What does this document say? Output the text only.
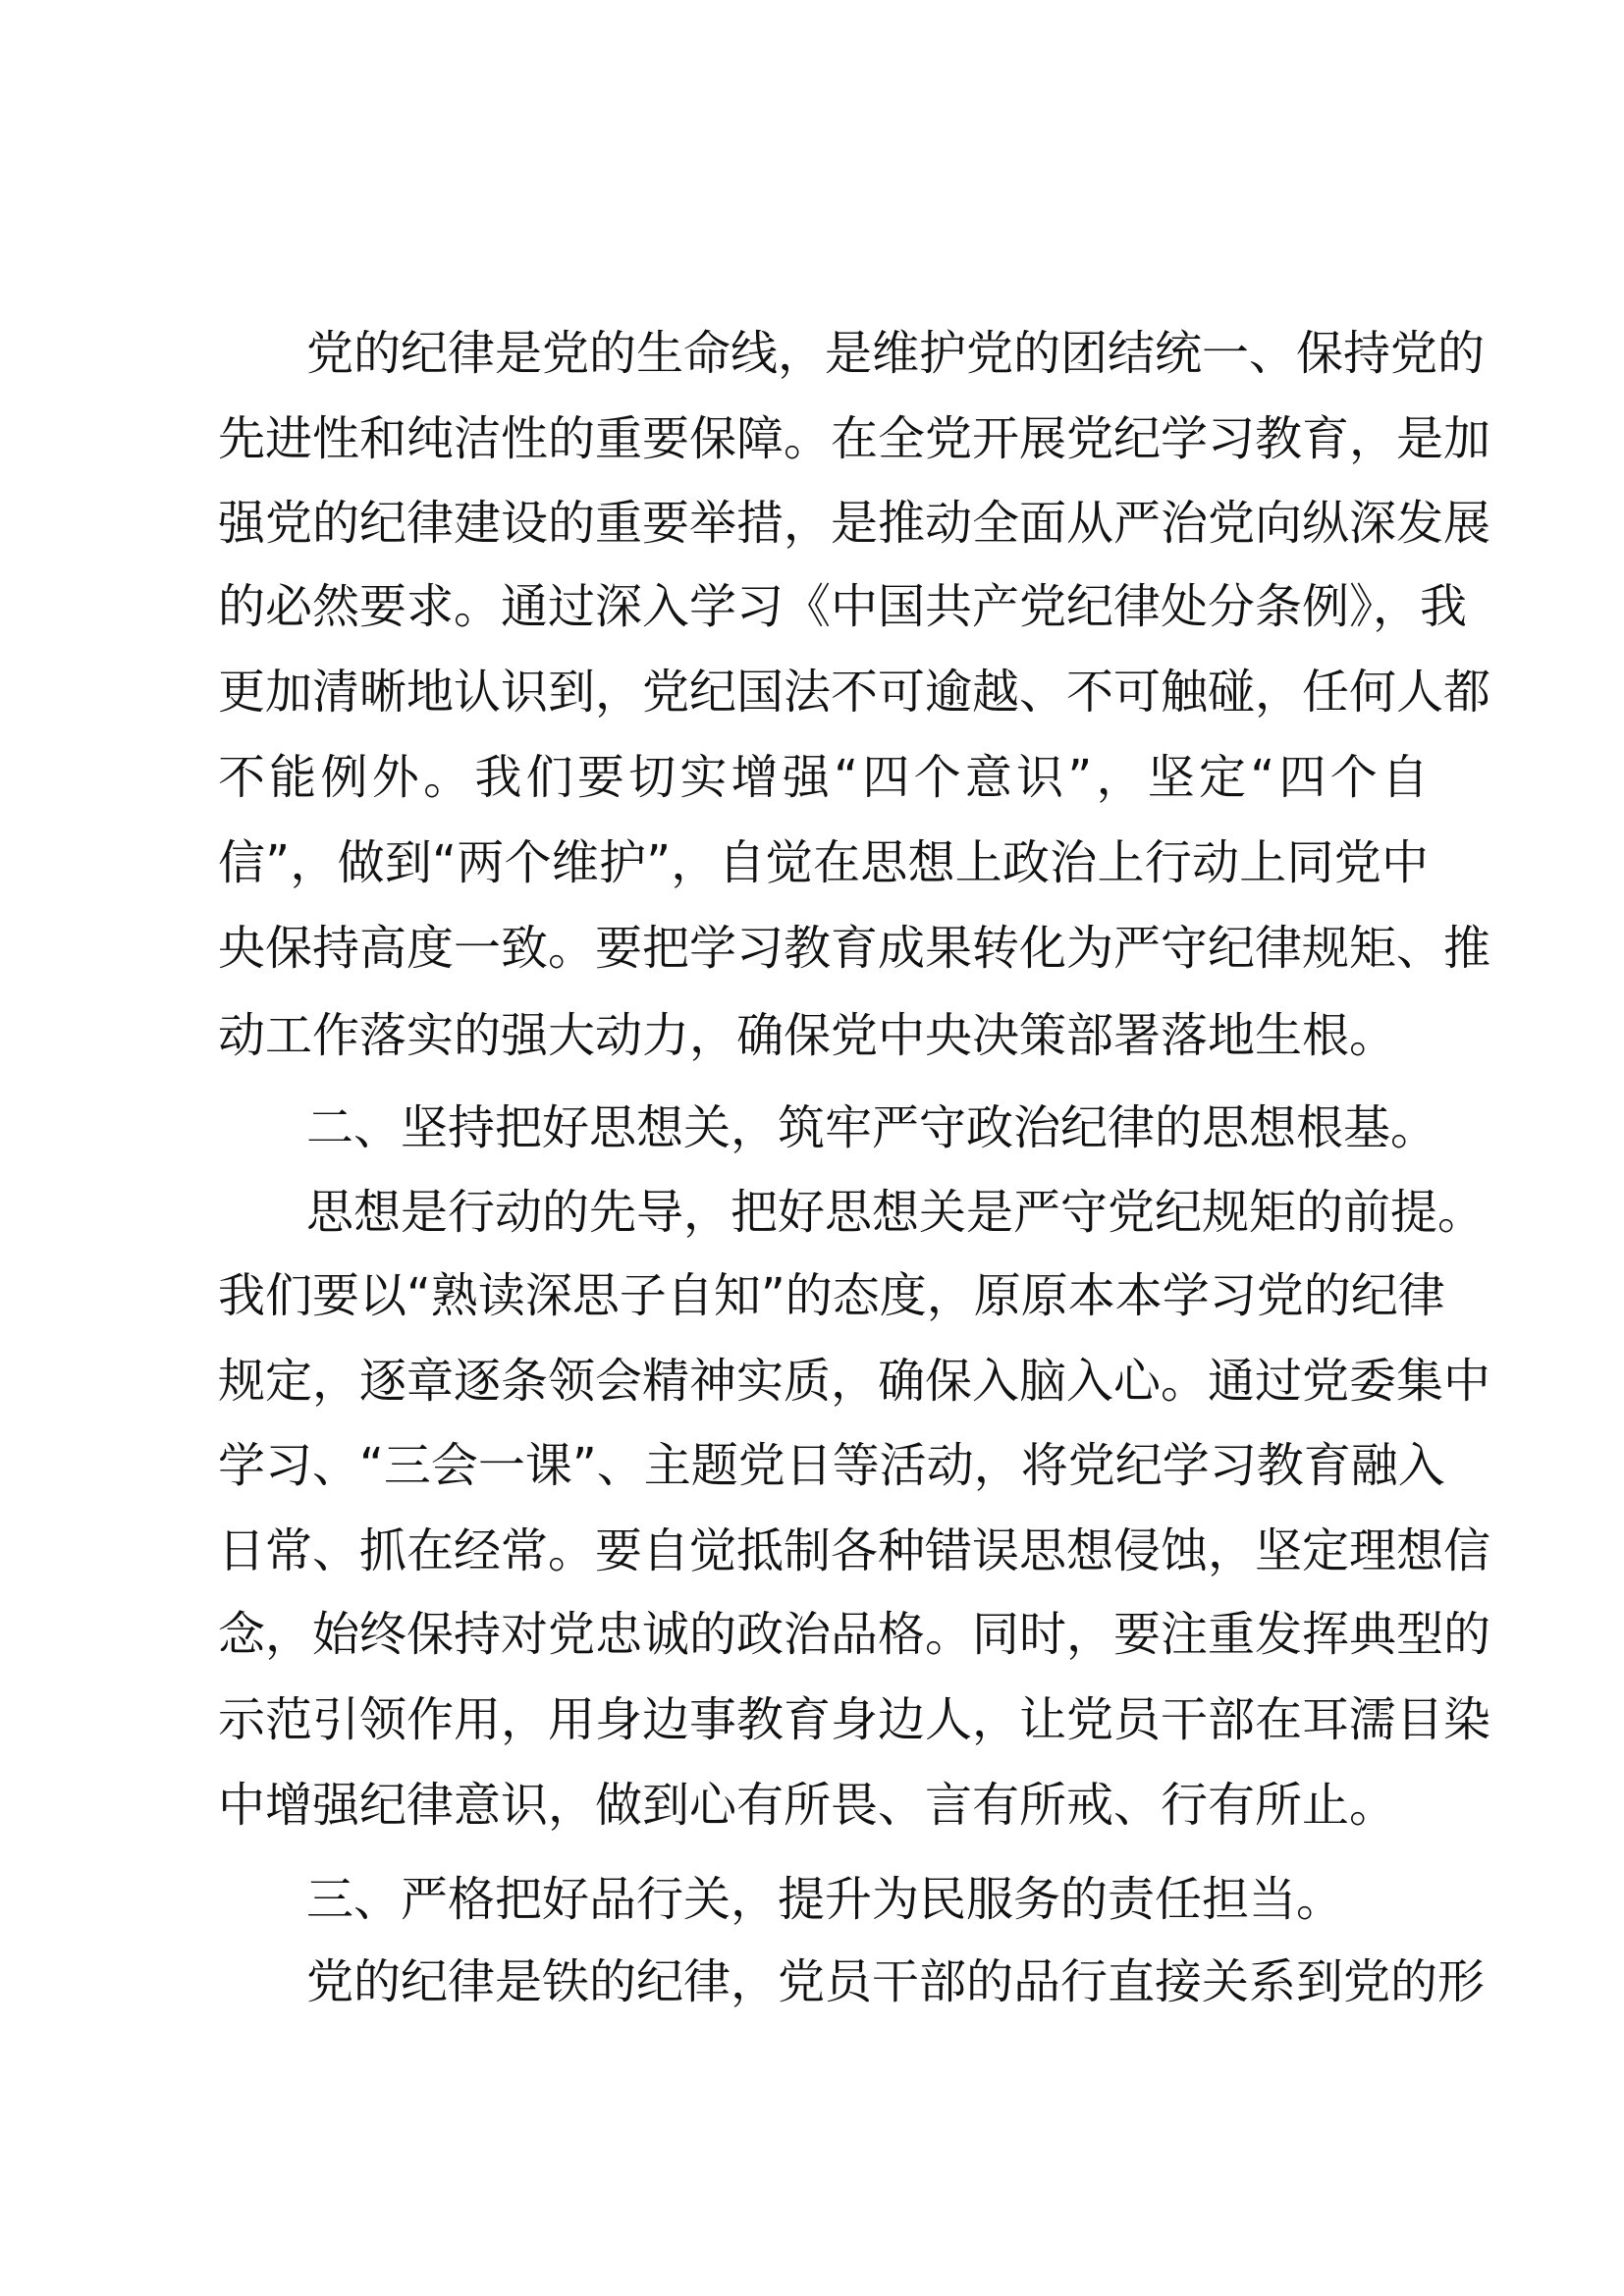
党的纪律是党的生命线，是维护党的团结统一、保持党的
先进性和纯洁性的重要保障。在全党开展党纪学习教育，是加
强党的纪律建设的重要举措，是推动全面从严治党向纵深发展
的必然要求。通过深入学习《中国共产党纪律处分条例》，我
更加清晰地认识到，党纪国法不可逾越、不可触碰，任何人都
不能例外。我们要切实增强“四个意识”，坚定“四个自
信”，做到“两个维护”，自觉在思想上政治上行动上同党中
央保持高度一致。要把学习教育成果转化为严守纪律规矩、推
动工作落实的强大动力，确保党中央决策部署落地生根。
二、坚持把好思想关，筑牢严守政治纪律的思想根基。
思想是行动的先导，把好思想关是严守党纪规矩的前提。
我们要以“熟读深思子自知”的态度，原原本本学习党的纪律
规定，逐章逐条领会精神实质，确保入脑入心。通过党委集中
学习、“三会一课”、主题党日等活动，将党纪学习教育融入
日常、抓在经常。要自觉抵制各种错误思想侵蚀，坚定理想信
念，始终保持对党忠诚的政治品格。同时，要注重发挥典型的
示范引领作用，用身边事教育身边人，让党员干部在耳濡目染
中增强纪律意识，做到心有所畏、言有所戒、行有所止。
三、严格把好品行关，提升为民服务的责任担当。
党的纪律是铁的纪律，党员干部的品行直接关系到党的形
